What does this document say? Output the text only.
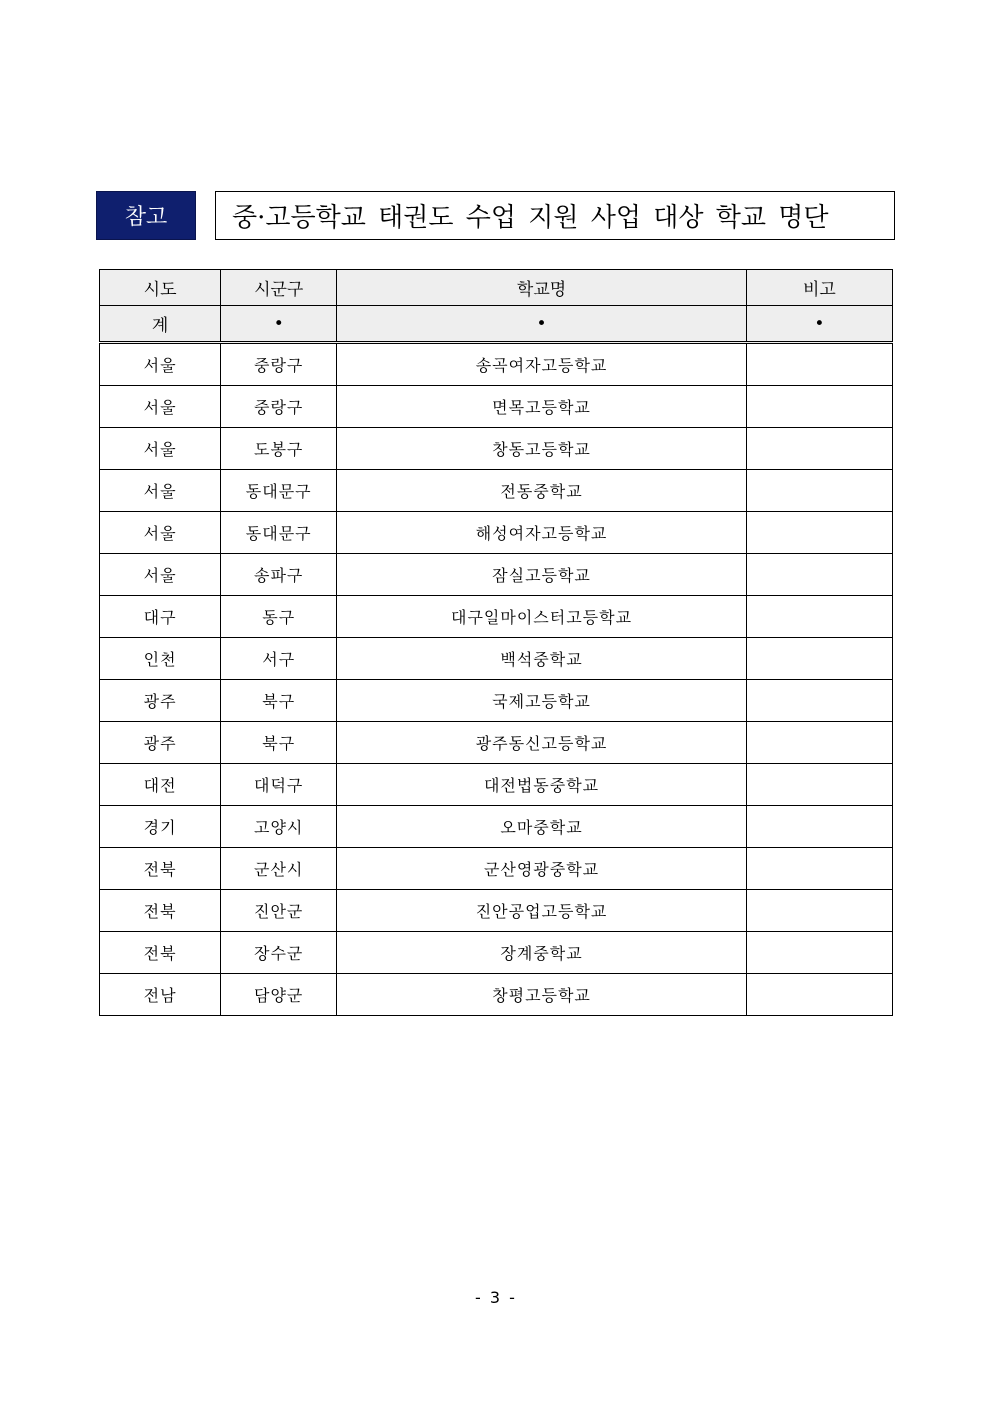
참고	중·고등학교 태권도 수업 지원 사업 대상 학교 명단
시도	시군구	학교명	비고
계	•	•	•
서울	중랑구	송곡여자고등학교	
서울	중랑구	면목고등학교	
서울	도봉구	창동고등학교	
서울	동대문구	전동중학교	
서울	동대문구	해성여자고등학교	
서울	송파구	잠실고등학교	
대구	동구	대구일마이스터고등학교	
인천	서구	백석중학교	
광주	북구	국제고등학교	
광주	북구	광주동신고등학교	
대전	대덕구	대전법동중학교	
경기	고양시	오마중학교	
전북	군산시	군산영광중학교	
전북	진안군	진안공업고등학교	
전북	장수군	장계중학교	
전남	담양군	창평고등학교	
- 3 -
